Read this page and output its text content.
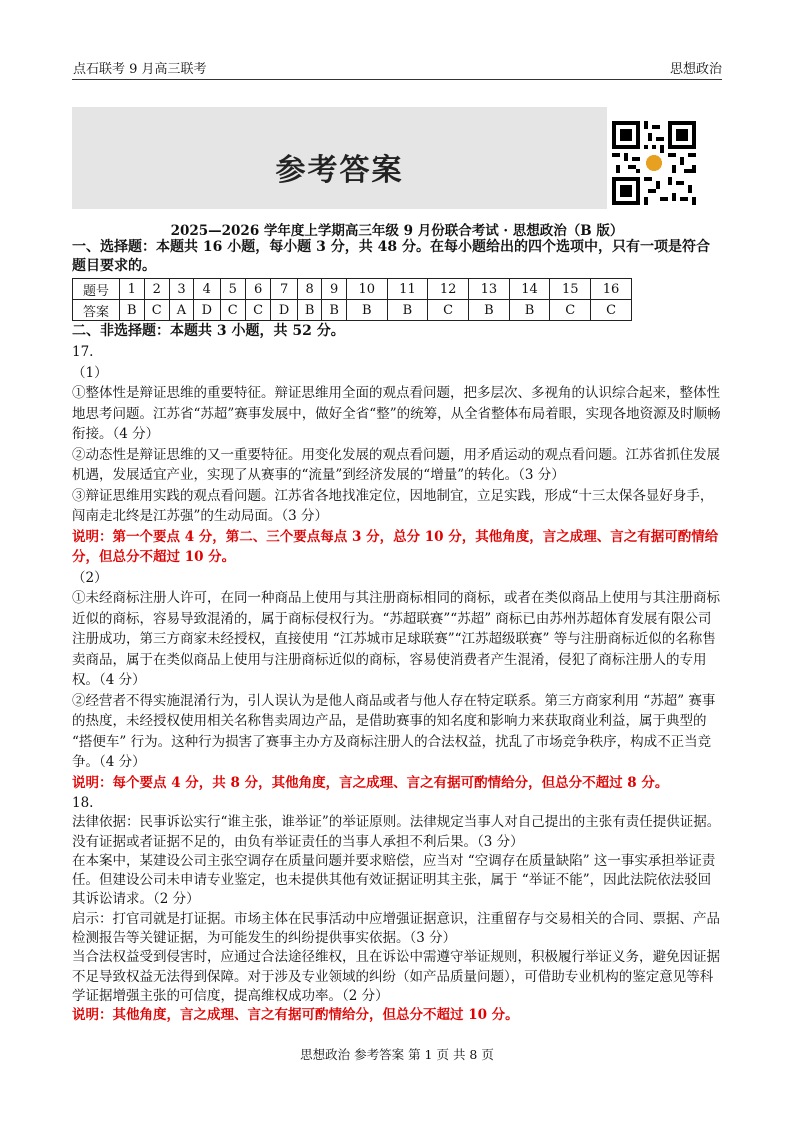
点石联考 9 月高三联考	思想政治
参考答案
2025—2026 学年度上学期高三年级 9 月份联合考试 · 思想政治（B 版）
一、选择题：本题共 16 小题，每小题 3 分，共 48 分。在每小题给出的四个选项中，只有一项是符合题目要求的。
题号	1	2	3	4	5	6	7	8	9	10	11	12	13	14	15	16
答案	B	C	A	D	C	C	D	B	B	B	B	C	B	B	C	C
二、非选择题：本题共 3 小题，共 52 分。

17.

（1）

①整体性是辩证思维的重要特征。辩证思维用全面的观点看问题，把多层次、多视角的认识综合起来，整体性地思考问题。江苏省“苏超”赛事发展中，做好全省“整”的统筹，从全省整体布局着眼，实现各地资源及时顺畅衔接。（4 分）

②动态性是辩证思维的又一重要特征。用变化发展的观点看问题，用矛盾运动的观点看问题。江苏省抓住发展机遇，发展适宜产业，实现了从赛事的“流量”到经济发展的“增量”的转化。（3 分）

③辩证思维用实践的观点看问题。江苏省各地找准定位，因地制宜，立足实践，形成“十三太保各显好身手，闯南走北终是江苏强”的生动局面。（3 分）

说明：第一个要点 4 分，第二、三个要点每点 3 分，总分 10 分，其他角度，言之成理、言之有据可酌情给分，但总分不超过 10 分。

（2）

①未经商标注册人许可，在同一种商品上使用与其注册商标相同的商标，或者在类似商品上使用与其注册商标近似的商标，容易导致混淆的，属于商标侵权行为。“苏超联赛”“苏超” 商标已由苏州苏超体育发展有限公司注册成功，第三方商家未经授权，直接使用 “江苏城市足球联赛”“江苏超级联赛” 等与注册商标近似的名称售卖商品，属于在类似商品上使用与注册商标近似的商标，容易使消费者产生混淆，侵犯了商标注册人的专用权。（4 分）

②经营者不得实施混淆行为，引人误认为是他人商品或者与他人存在特定联系。第三方商家利用 “苏超” 赛事的热度，未经授权使用相关名称售卖周边产品，是借助赛事的知名度和影响力来获取商业利益，属于典型的 “搭便车” 行为。这种行为损害了赛事主办方及商标注册人的合法权益，扰乱了市场竞争秩序，构成不正当竞争。（4 分）

说明：每个要点 4 分，共 8 分，其他角度，言之成理、言之有据可酌情给分，但总分不超过 8 分。

18.

法律依据：民事诉讼实行“谁主张，谁举证”的举证原则。法律规定当事人对自己提出的主张有责任提供证据。没有证据或者证据不足的，由负有举证责任的当事人承担不利后果。（3 分）

在本案中，某建设公司主张空调存在质量问题并要求赔偿，应当对 “空调存在质量缺陷” 这一事实承担举证责任。但建设公司未申请专业鉴定，也未提供其他有效证据证明其主张，属于 “举证不能”，因此法院依法驳回其诉讼请求。（2 分）

启示：打官司就是打证据。市场主体在民事活动中应增强证据意识，注重留存与交易相关的合同、票据、产品检测报告等关键证据，为可能发生的纠纷提供事实依据。（3 分）

当合法权益受到侵害时，应通过合法途径维权，且在诉讼中需遵守举证规则，积极履行举证义务，避免因证据不足导致权益无法得到保障。对于涉及专业领域的纠纷（如产品质量问题），可借助专业机构的鉴定意见等科学证据增强主张的可信度，提高维权成功率。（2 分）

说明：其他角度，言之成理、言之有据可酌情给分，但总分不超过 10 分。

思想政治 参考答案 第 1 页 共 8 页
